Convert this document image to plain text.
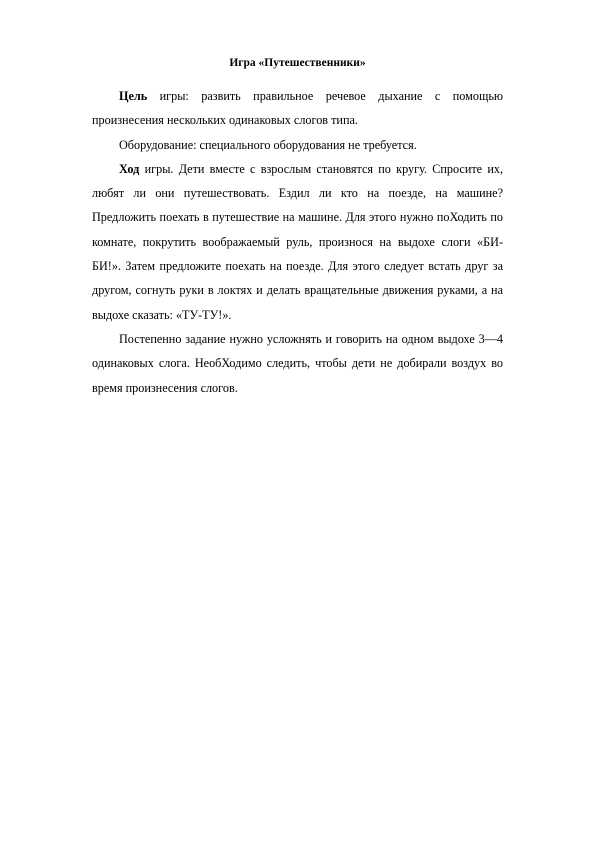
Игра «Путешественники»

Цель игры: развить правильное речевое дыхание с помощью произнесения нескольких одинаковых слогов типа.

Оборудование: специального оборудования не требуется.

Ход игры. Дети вместе с взрослым становятся по кругу. Спросите их, любят ли они путешествовать. Ездил ли кто на поезде, на машине? Предложить поехать в путешествие на машине. Для этого нужно поХодить по комнате, покрутить воображаемый руль, произнося на выдохе слоги «БИ-БИ!». Затем предложите поехать на поезде. Для этого следует встать друг за другом, согнуть руки в локтях и делать вращательные движения руками, а на выдохе сказать: «ТУ-ТУ!».

Постепенно задание нужно усложнять и говорить на одном выдохе 3—4 одинаковых слога. НеобХодимо следить, чтобы дети не добирали воздух во время произнесения слогов.
